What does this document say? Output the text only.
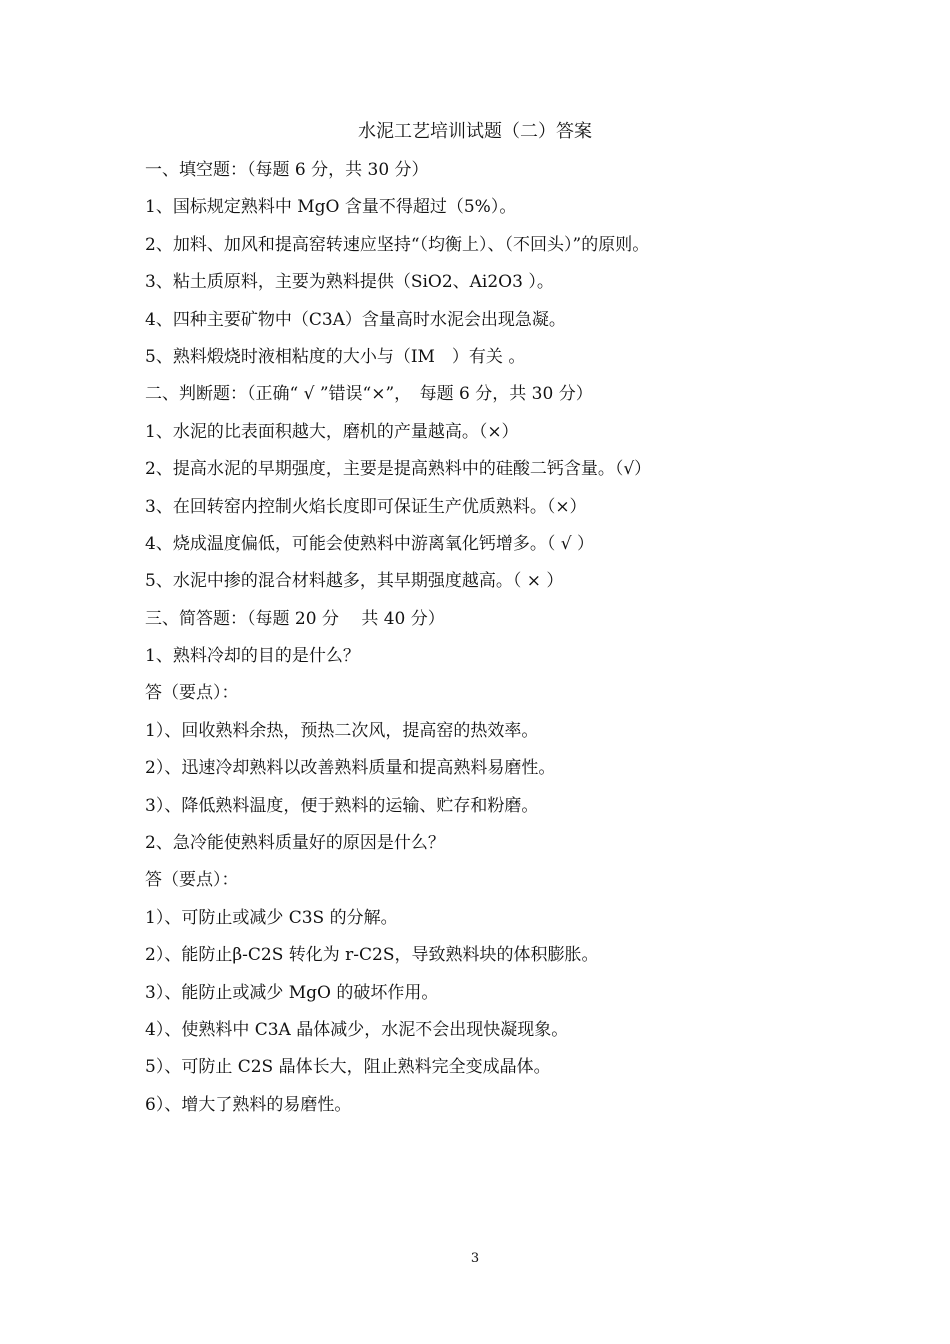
水泥工艺培训试题（二）答案
一、填空题：（每题 6 分，共 30 分）
1、国标规定熟料中 MgO 含量不得超过（5%）。
2、加料、加风和提高窑转速应坚持“（均衡上）、（不回头）”的原则。
3、粘土质原料，主要为熟料提供（SiO2、Ai2O3 ）。
4、四种主要矿物中（C3A）含量高时水泥会出现急凝。
5、熟料煅烧时液相粘度的大小与（IM　）有关 。
二、判断题：（正确“ √ ”错误“×”，　每题 6 分，共 30 分）
1、水泥的比表面积越大，磨机的产量越高。（×）
2、提高水泥的早期强度，主要是提高熟料中的硅酸二钙含量。（√）
3、在回转窑内控制火焰长度即可保证生产优质熟料。（×）
4、烧成温度偏低，可能会使熟料中游离氧化钙增多。（ √ ）
5、水泥中掺的混合材料越多，其早期强度越高。（ × ）
三、简答题：（每题 20 分　 共 40 分）
1、熟料冷却的目的是什么？
答（要点）：
1）、回收熟料余热，预热二次风，提高窑的热效率。
2）、迅速冷却熟料以改善熟料质量和提高熟料易磨性。
3）、降低熟料温度，便于熟料的运输、贮存和粉磨。
2、急冷能使熟料质量好的原因是什么？
答（要点）：
1）、可防止或减少 C3S 的分解。
2）、能防止β-C2S 转化为 r-C2S，导致熟料块的体积膨胀。
3）、能防止或减少 MgO 的破坏作用。
4）、使熟料中 C3A 晶体减少，水泥不会出现快凝现象。
5）、可防止 C2S 晶体长大，阻止熟料完全变成晶体。
6）、增大了熟料的易磨性。
3
